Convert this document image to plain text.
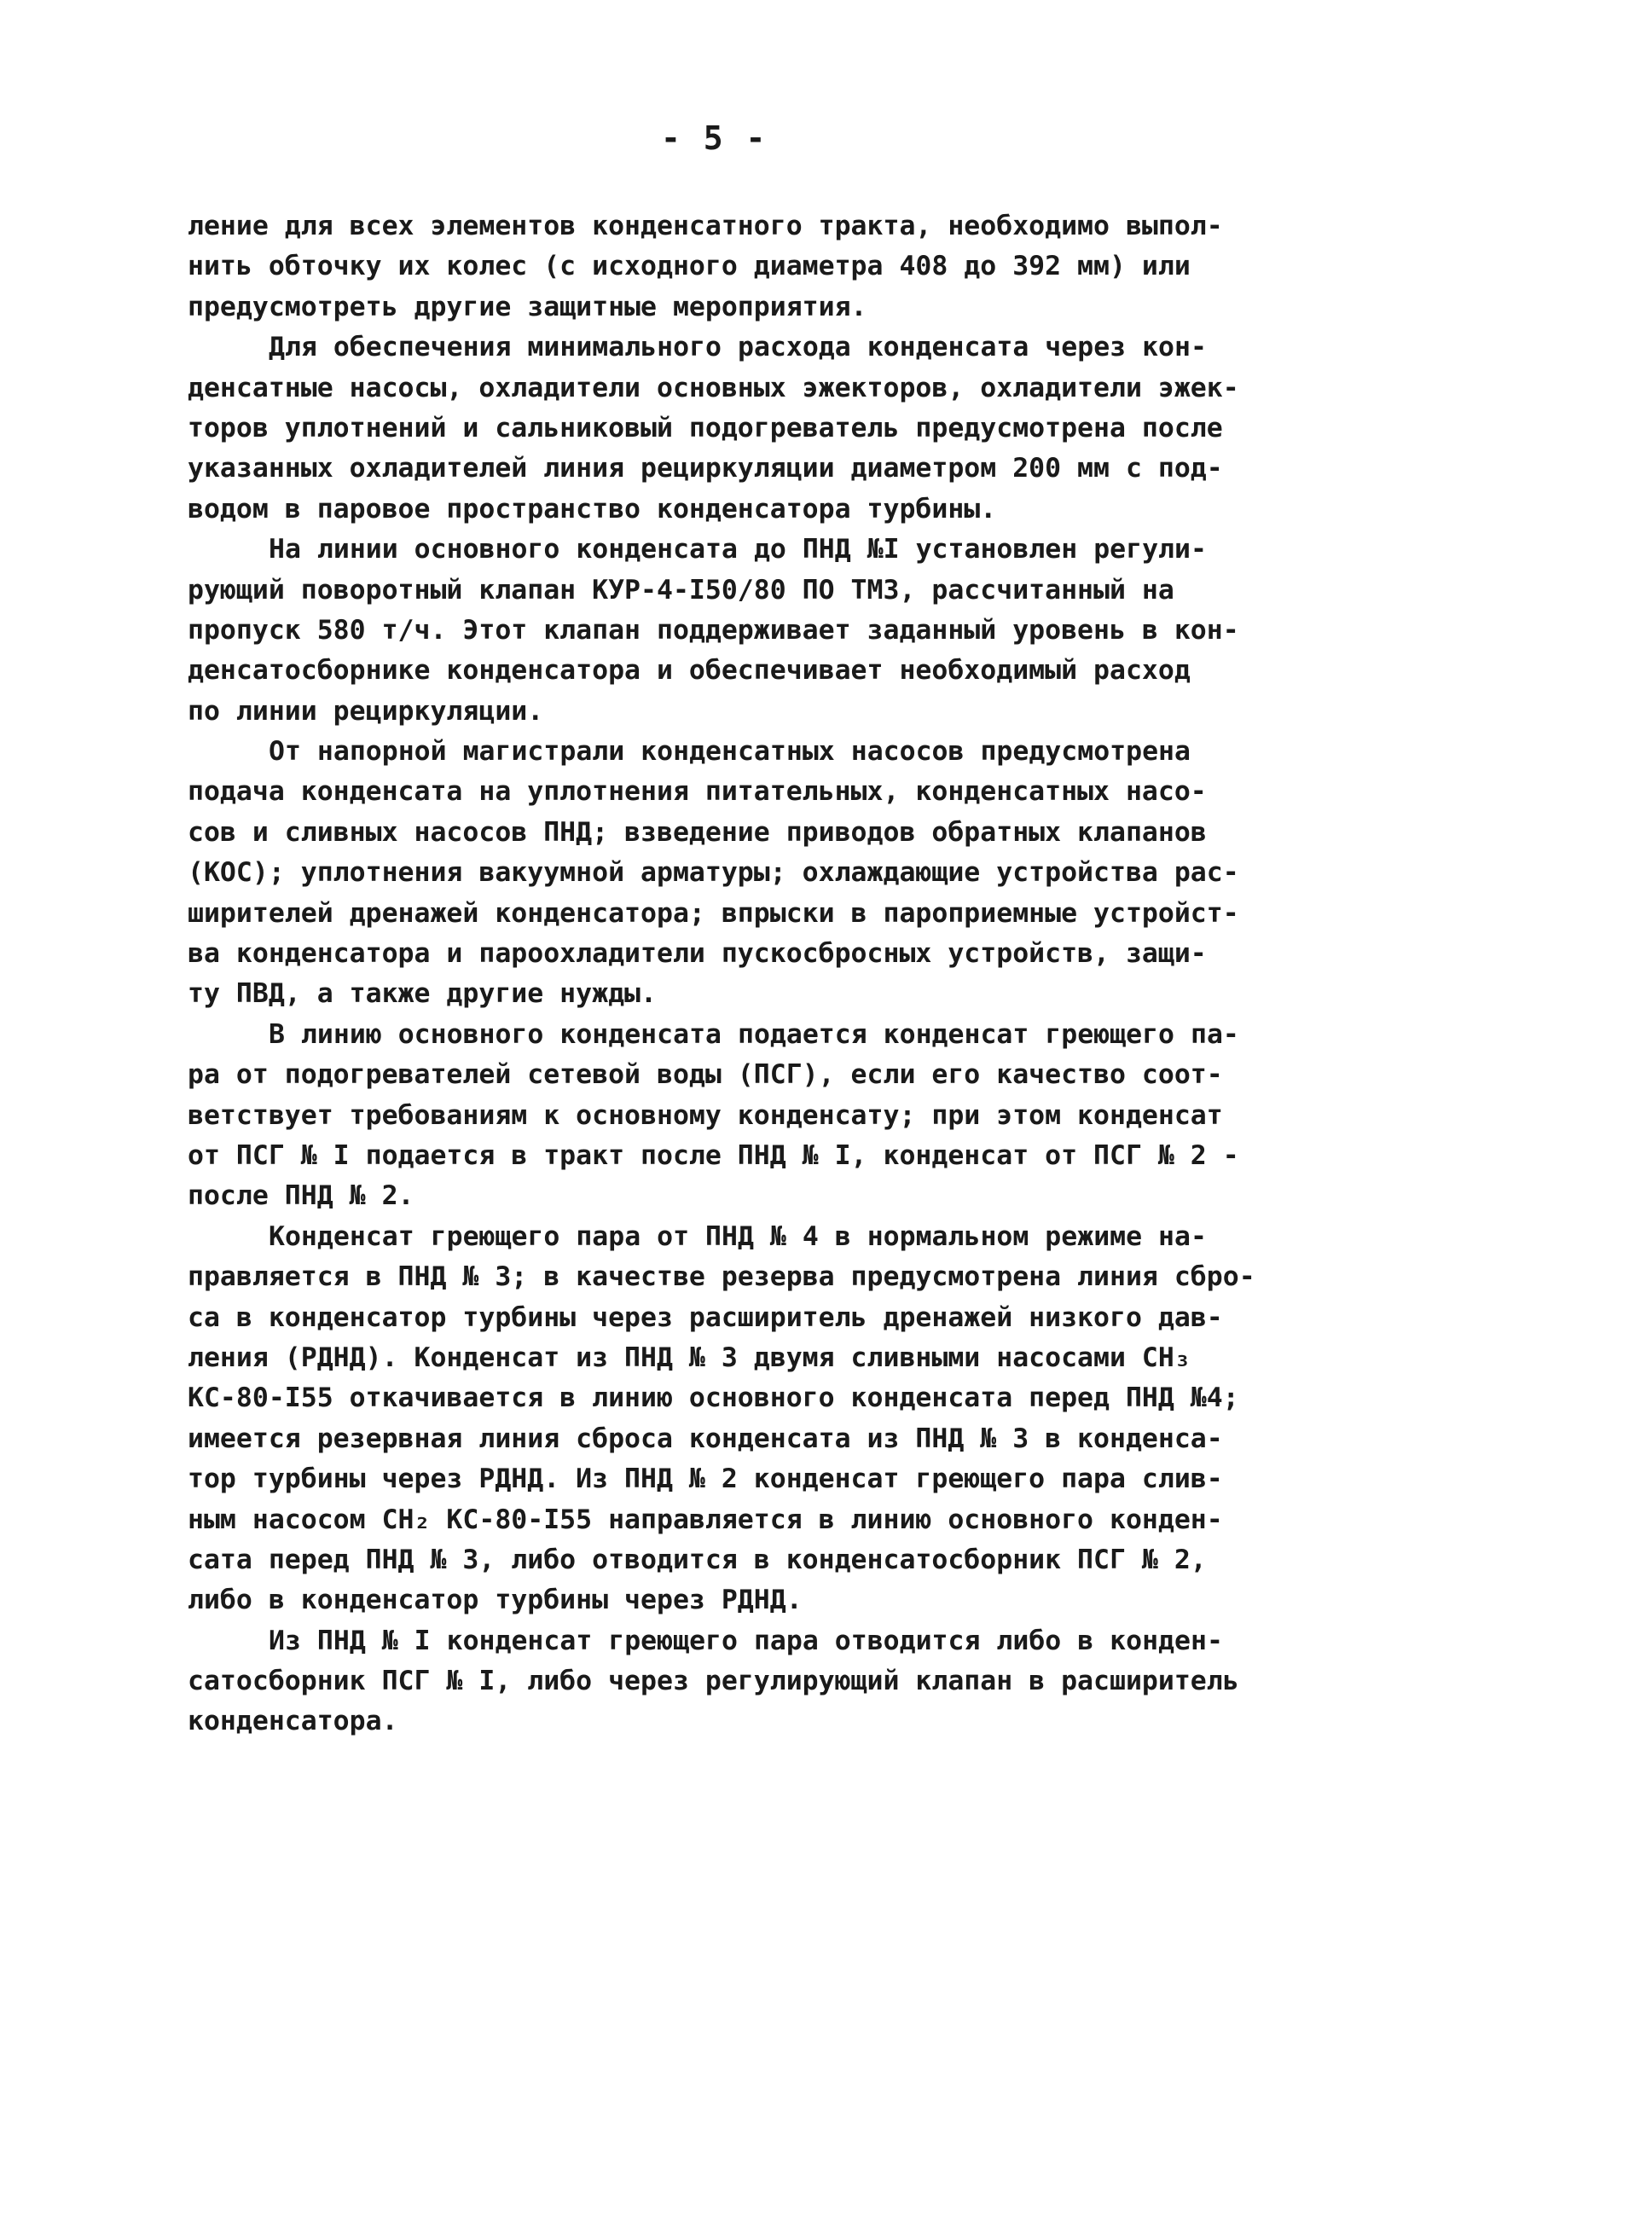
- 5 -
ление для всех элементов конденсатного тракта, необходимо выпол-
нить обточку их колес (с исходного диаметра 408 до 392 мм) или
предусмотреть другие защитные мероприятия.
Для обеспечения минимального расхода конденсата через кон-
денсатные насосы, охладители основных эжекторов, охладители эжек-
торов уплотнений и сальниковый подогреватель предусмотрена после
указанных охладителей линия рециркуляции диаметром 200 мм с под-
водом в паровое пространство конденсатора турбины.
На линии основного конденсата до ПНД №I установлен регули-
рующий поворотный клапан КУР-4-I50/80 ПО ТМЗ, рассчитанный на
пропуск 580 т/ч. Этот клапан поддерживает заданный уровень в кон-
денсатосборнике конденсатора и обеспечивает необходимый расход
по линии рециркуляции.
От напорной магистрали конденсатных насосов предусмотрена
подача конденсата на уплотнения питательных, конденсатных насо-
сов и сливных насосов ПНД; взведение приводов обратных клапанов
(КОС); уплотнения вакуумной арматуры; охлаждающие устройства рас-
ширителей дренажей конденсатора; впрыски в пароприемные устройст-
ва конденсатора и пароохладители пускосбросных устройств, защи-
ту ПВД, а также другие нужды.
В линию основного конденсата подается конденсат греющего па-
ра от подогревателей сетевой воды (ПСГ), если его качество соот-
ветствует требованиям к основному конденсату; при этом конденсат
от ПСГ № I подается в тракт после ПНД № I, конденсат от ПСГ № 2 -
после ПНД № 2.
Конденсат греющего пара от ПНД № 4 в нормальном режиме на-
правляется в ПНД № 3; в качестве резерва предусмотрена линия сбро-
са в конденсатор турбины через расширитель дренажей низкого дав-
ления (РДНД). Конденсат из ПНД № 3 двумя сливными насосами СН₃
КС-80-I55 откачивается в линию основного конденсата перед ПНД №4;
имеется резервная линия сброса конденсата из ПНД № 3 в конденса-
тор турбины через РДНД. Из ПНД № 2 конденсат греющего пара слив-
ным насосом СН₂ КС-80-I55 направляется в линию основного конден-
сата перед ПНД № 3, либо отводится в конденсатосборник ПСГ № 2,
либо в конденсатор турбины через РДНД.
Из ПНД № I конденсат греющего пара отводится либо в конден-
сатосборник ПСГ № I, либо через регулирующий клапан в расширитель
конденсатора.
